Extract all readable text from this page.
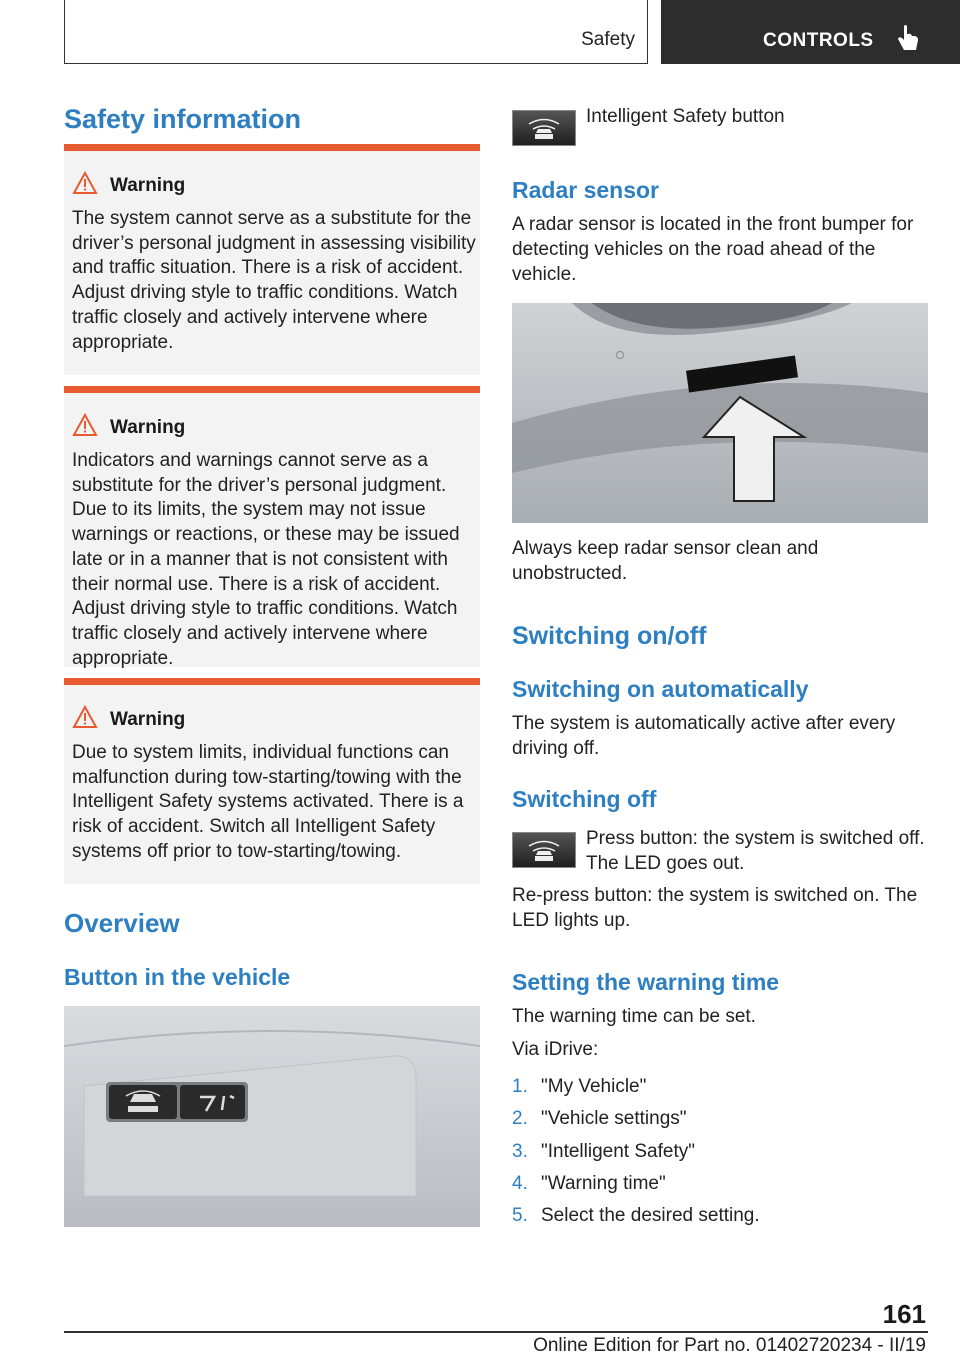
Safety	CONTROLS
Safety information
Warning
The system cannot serve as a substitute for the driver’s personal judgment in assessing visibility and traffic situation. There is a risk of accident. Adjust driving style to traffic conditions. Watch traffic closely and actively intervene where appropriate.
Warning
Indicators and warnings cannot serve as a substitute for the driver’s personal judgment. Due to its limits, the system may not issue warnings or reactions, or these may be issued late or in a manner that is not consistent with their normal use. There is a risk of accident. Adjust driving style to traffic conditions. Watch traffic closely and actively intervene where appropriate.
Warning
Due to system limits, individual functions can malfunction during tow-starting/towing with the Intelligent Safety systems activated. There is a risk of accident. Switch all Intelligent Safety systems off prior to tow-starting/towing.
Overview
Button in the vehicle
Intelligent Safety button
Radar sensor
A radar sensor is located in the front bumper for detecting vehicles on the road ahead of the vehicle.
Always keep radar sensor clean and unobstructed.
Switching on/off
Switching on automatically
The system is automatically active after every driving off.
Switching off
Press button: the system is switched off. The LED goes out.
Re-press button: the system is switched on. The LED lights up.
Setting the warning time
The warning time can be set.
Via iDrive:
1. "My Vehicle"
2. "Vehicle settings"
3. "Intelligent Safety"
4. "Warning time"
5. Select the desired setting.
161
Online Edition for Part no. 01402720234 - II/19
